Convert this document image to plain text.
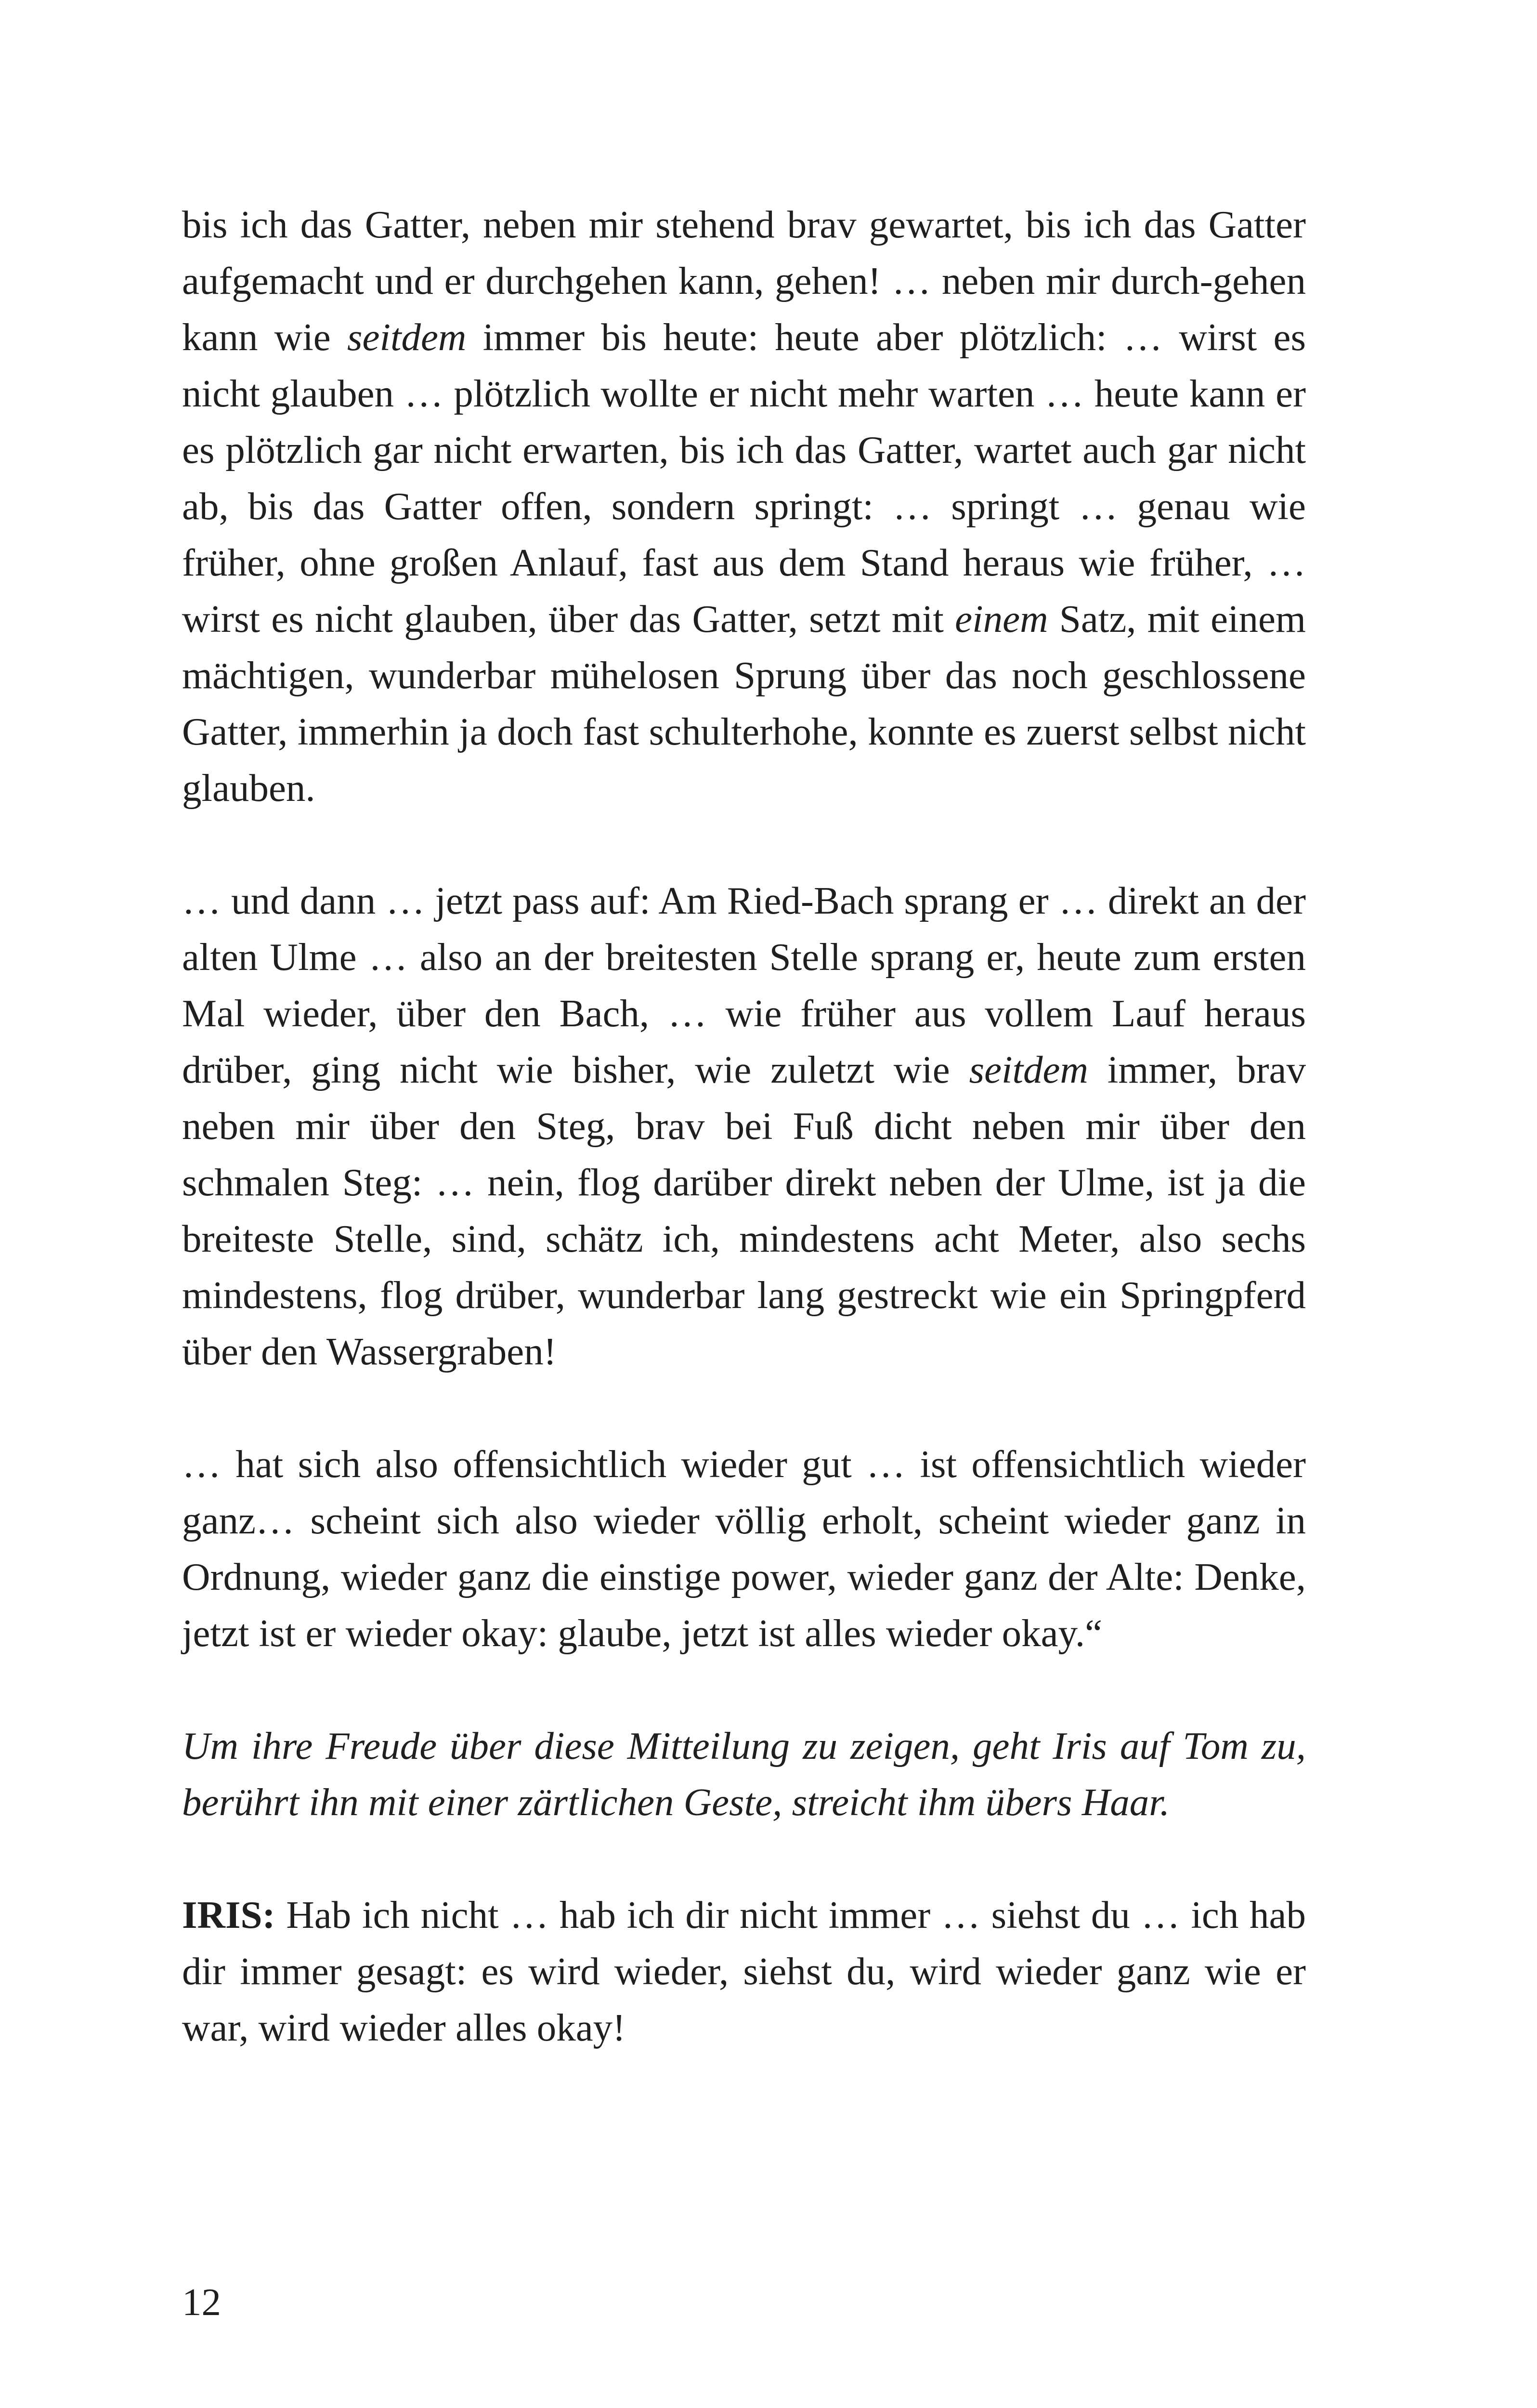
bis ich das Gatter, neben mir stehend brav gewartet, bis ich das Gatter aufgemacht und er durchgehen kann, gehen! … neben mir durch-gehen kann wie seitdem immer bis heute: heute aber plötzlich: … wirst es nicht glauben … plötzlich wollte er nicht mehr warten … heute kann er es plötzlich gar nicht erwarten, bis ich das Gatter, wartet auch gar nicht ab, bis das Gatter offen, sondern springt: … springt … genau wie früher, ohne großen Anlauf, fast aus dem Stand heraus wie früher, … wirst es nicht glauben, über das Gatter, setzt mit einem Satz, mit einem mächtigen, wunderbar mühelosen Sprung über das noch geschlossene Gatter, immerhin ja doch fast schulterhohe, konnte es zuerst selbst nicht glauben.

… und dann … jetzt pass auf: Am Ried-Bach sprang er … direkt an der alten Ulme … also an der breitesten Stelle sprang er, heute zum ersten Mal wieder, über den Bach, … wie früher aus vollem Lauf heraus drüber, ging nicht wie bisher, wie zuletzt wie seitdem immer, brav neben mir über den Steg, brav bei Fuß dicht neben mir über den schmalen Steg: … nein, flog darüber direkt neben der Ulme, ist ja die breiteste Stelle, sind, schätz ich, mindestens acht Meter, also sechs mindestens, flog drüber, wunderbar lang gestreckt wie ein Springpferd über den Wassergraben!

… hat sich also offensichtlich wieder gut … ist offensichtlich wieder ganz… scheint sich also wieder völlig erholt, scheint wieder ganz in Ordnung, wieder ganz die einstige power, wieder ganz der Alte: Denke, jetzt ist er wieder okay: glaube, jetzt ist alles wieder okay.“

Um ihre Freude über diese Mitteilung zu zeigen, geht Iris auf Tom zu, berührt ihn mit einer zärtlichen Geste, streicht ihm übers Haar.

IRIS: Hab ich nicht … hab ich dir nicht immer … siehst du … ich hab dir immer gesagt: es wird wieder, siehst du, wird wieder ganz wie er war, wird wieder alles okay!

12
